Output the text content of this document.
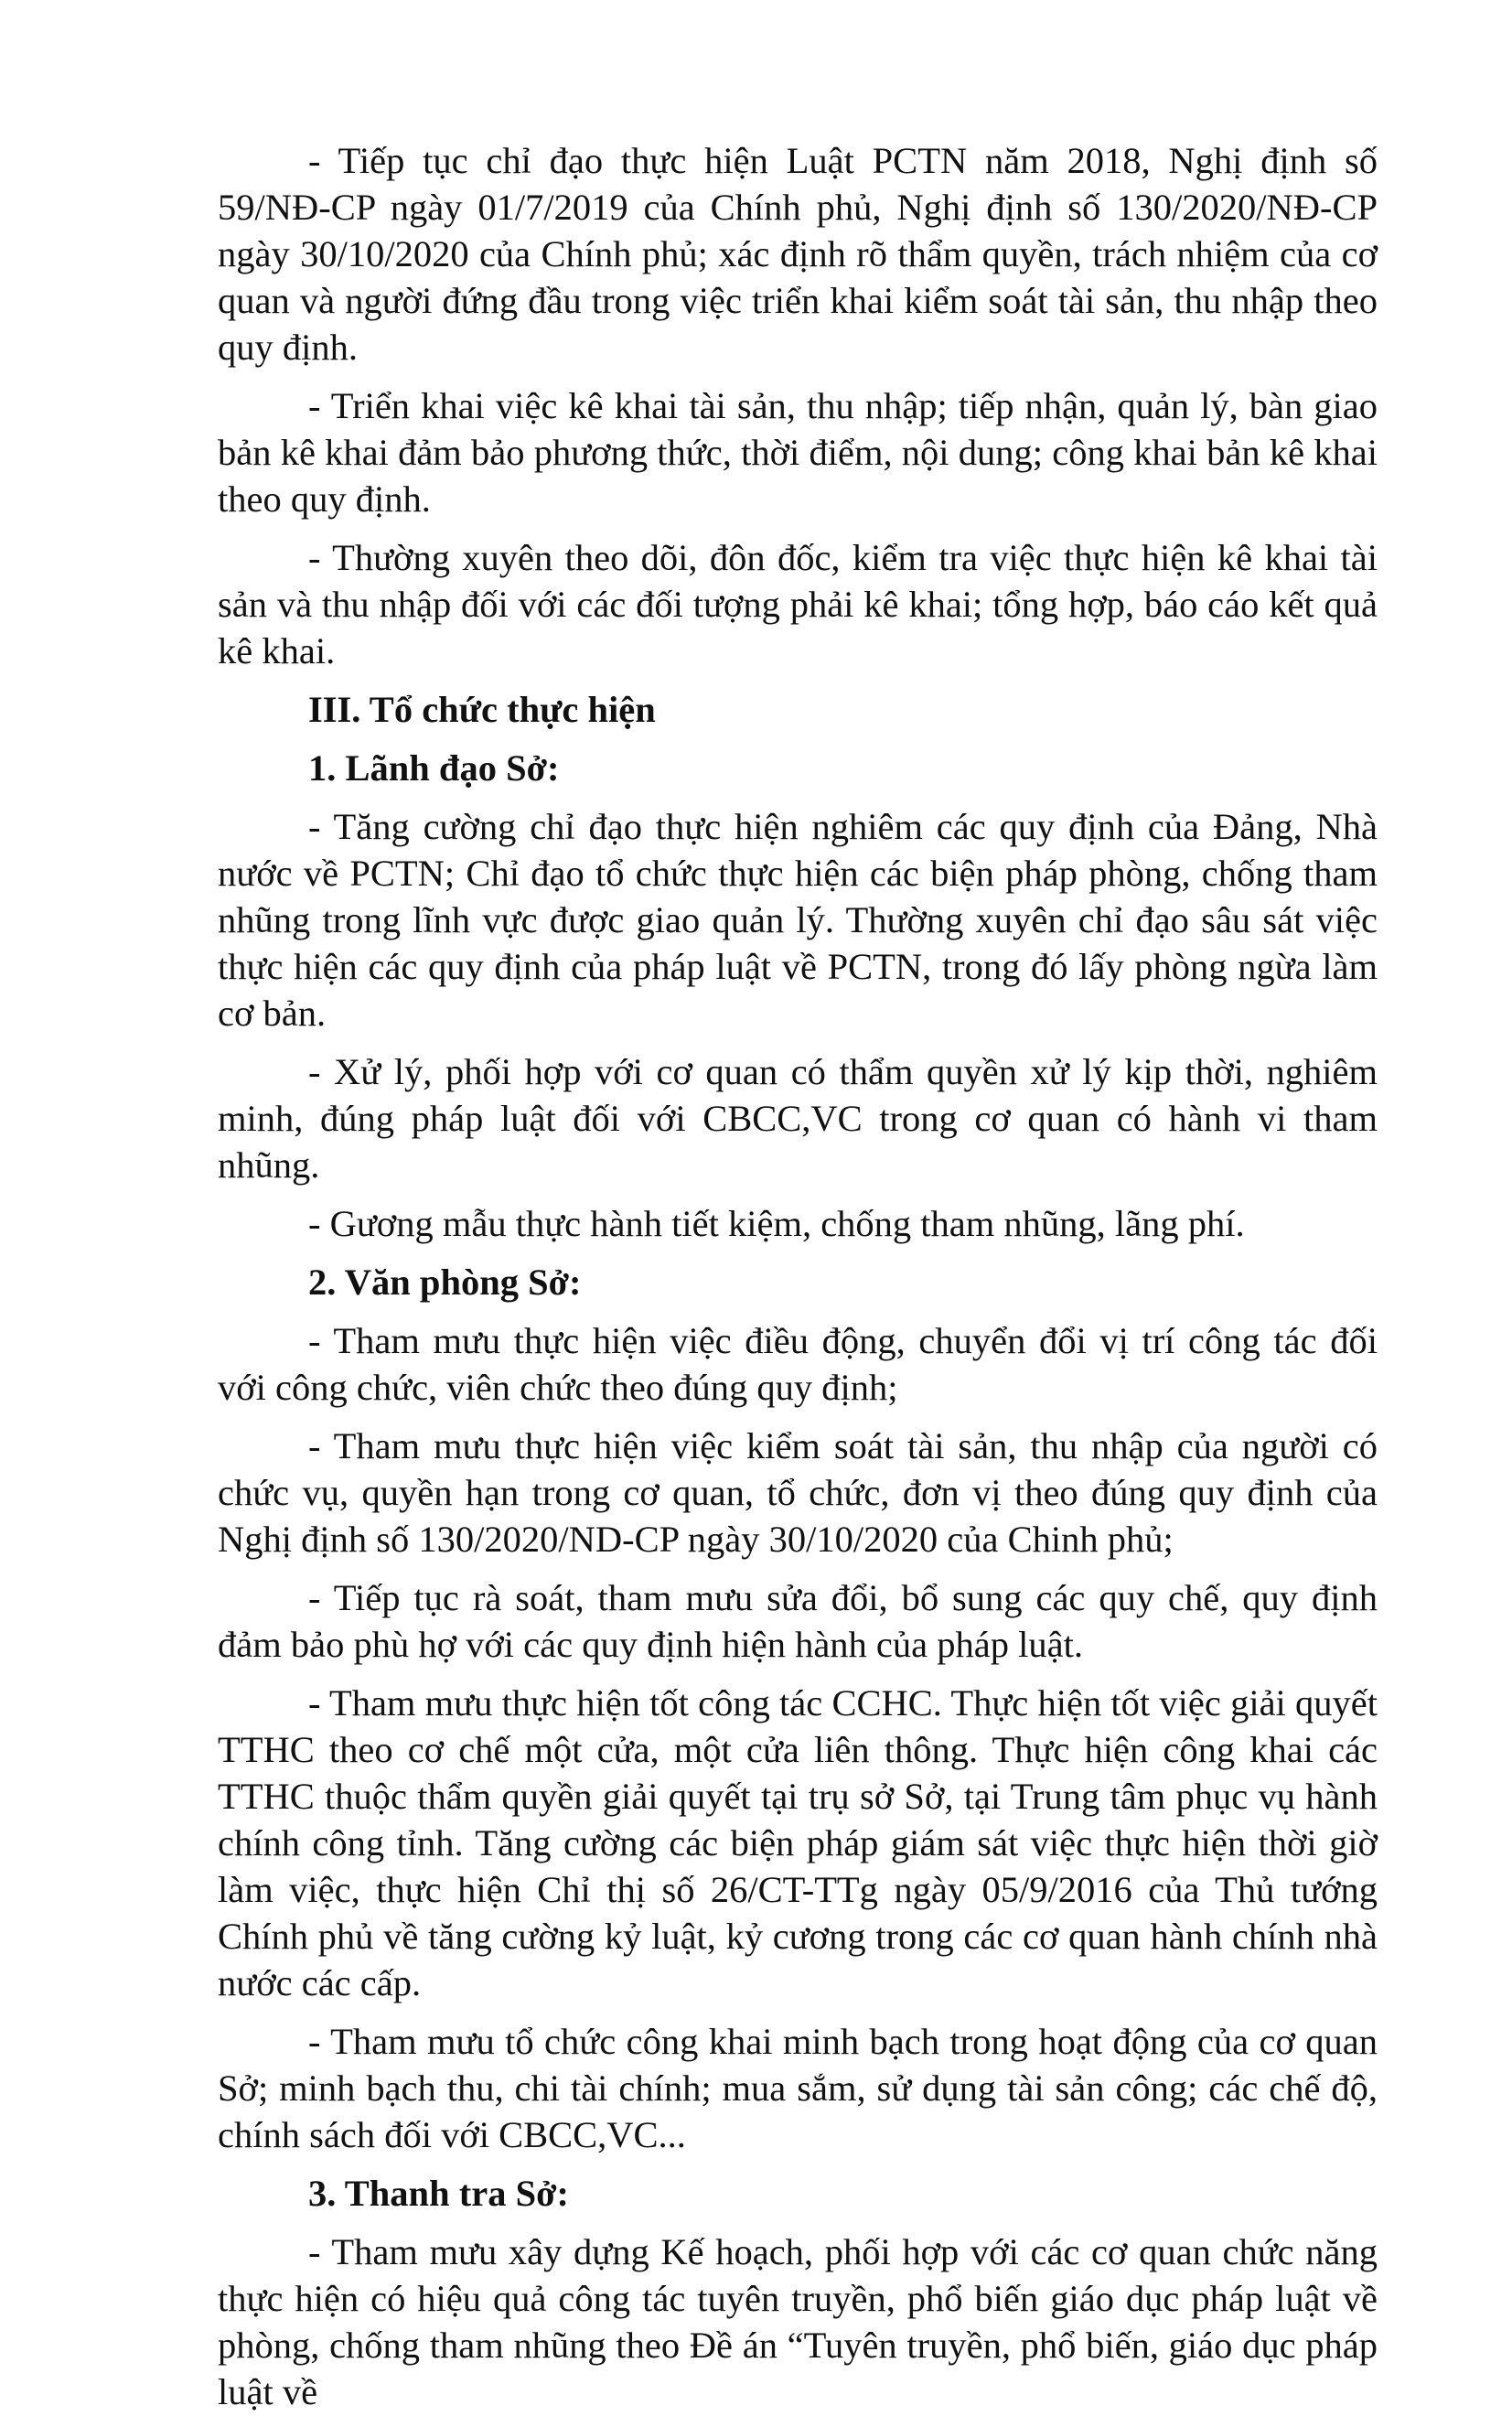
- Tiếp tục chỉ đạo thực hiện Luật PCTN năm 2018, Nghị định số 59/NĐ-CP ngày 01/7/2019 của Chính phủ, Nghị định số 130/2020/NĐ-CP ngày 30/10/2020 của Chính phủ; xác định rõ thẩm quyền, trách nhiệm của cơ quan và người đứng đầu trong việc triển khai kiểm soát tài sản, thu nhập theo quy định.

- Triển khai việc kê khai tài sản, thu nhập; tiếp nhận, quản lý, bàn giao bản kê khai đảm bảo phương thức, thời điểm, nội dung; công khai bản kê khai theo quy định.

- Thường xuyên theo dõi, đôn đốc, kiểm tra việc thực hiện kê khai tài sản và thu nhập đối với các đối tượng phải kê khai; tổng hợp, báo cáo kết quả kê khai.

III. Tổ chức thực hiện

1. Lãnh đạo Sở:

- Tăng cường chỉ đạo thực hiện nghiêm các quy định của Đảng, Nhà nước về PCTN; Chỉ đạo tổ chức thực hiện các biện pháp phòng, chống tham nhũng trong lĩnh vực được giao quản lý. Thường xuyên chỉ đạo sâu sát việc thực hiện các quy định của pháp luật về PCTN, trong đó lấy phòng ngừa làm cơ bản.

- Xử lý, phối hợp với cơ quan có thẩm quyền xử lý kịp thời, nghiêm minh, đúng pháp luật đối với CBCC,VC trong cơ quan có hành vi tham nhũng.

- Gương mẫu thực hành tiết kiệm, chống tham nhũng, lãng phí.

2. Văn phòng Sở:

- Tham mưu thực hiện việc điều động, chuyển đổi vị trí công tác đối với công chức, viên chức theo đúng quy định;

- Tham mưu thực hiện việc kiểm soát tài sản, thu nhập của người có chức vụ, quyền hạn trong cơ quan, tổ chức, đơn vị theo đúng quy định của Nghị định số 130/2020/ND-CP ngày 30/10/2020 của Chinh phủ;

- Tiếp tục rà soát, tham mưu sửa đổi, bổ sung các quy chế, quy định đảm bảo phù hợ với các quy định hiện hành của pháp luật.

- Tham mưu thực hiện tốt công tác CCHC. Thực hiện tốt việc giải quyết TTHC theo cơ chế một cửa, một cửa liên thông. Thực hiện công khai các TTHC thuộc thẩm quyền giải quyết tại trụ sở Sở, tại Trung tâm phục vụ hành chính công tỉnh. Tăng cường các biện pháp giám sát việc thực hiện thời giờ làm việc, thực hiện Chỉ thị số 26/CT-TTg ngày 05/9/2016 của Thủ tướng Chính phủ về tăng cường kỷ luật, kỷ cương trong các cơ quan hành chính nhà nước các cấp.

- Tham mưu tổ chức công khai minh bạch trong hoạt động của cơ quan Sở; minh bạch thu, chi tài chính; mua sắm, sử dụng tài sản công; các chế độ, chính sách đối với CBCC,VC...

3. Thanh tra Sở:

- Tham mưu xây dựng Kế hoạch, phối hợp với các cơ quan chức năng thực hiện có hiệu quả công tác tuyên truyền, phổ biến giáo dục pháp luật về phòng, chống tham nhũng theo Đề án “Tuyên truyền, phổ biến, giáo dục pháp luật về
